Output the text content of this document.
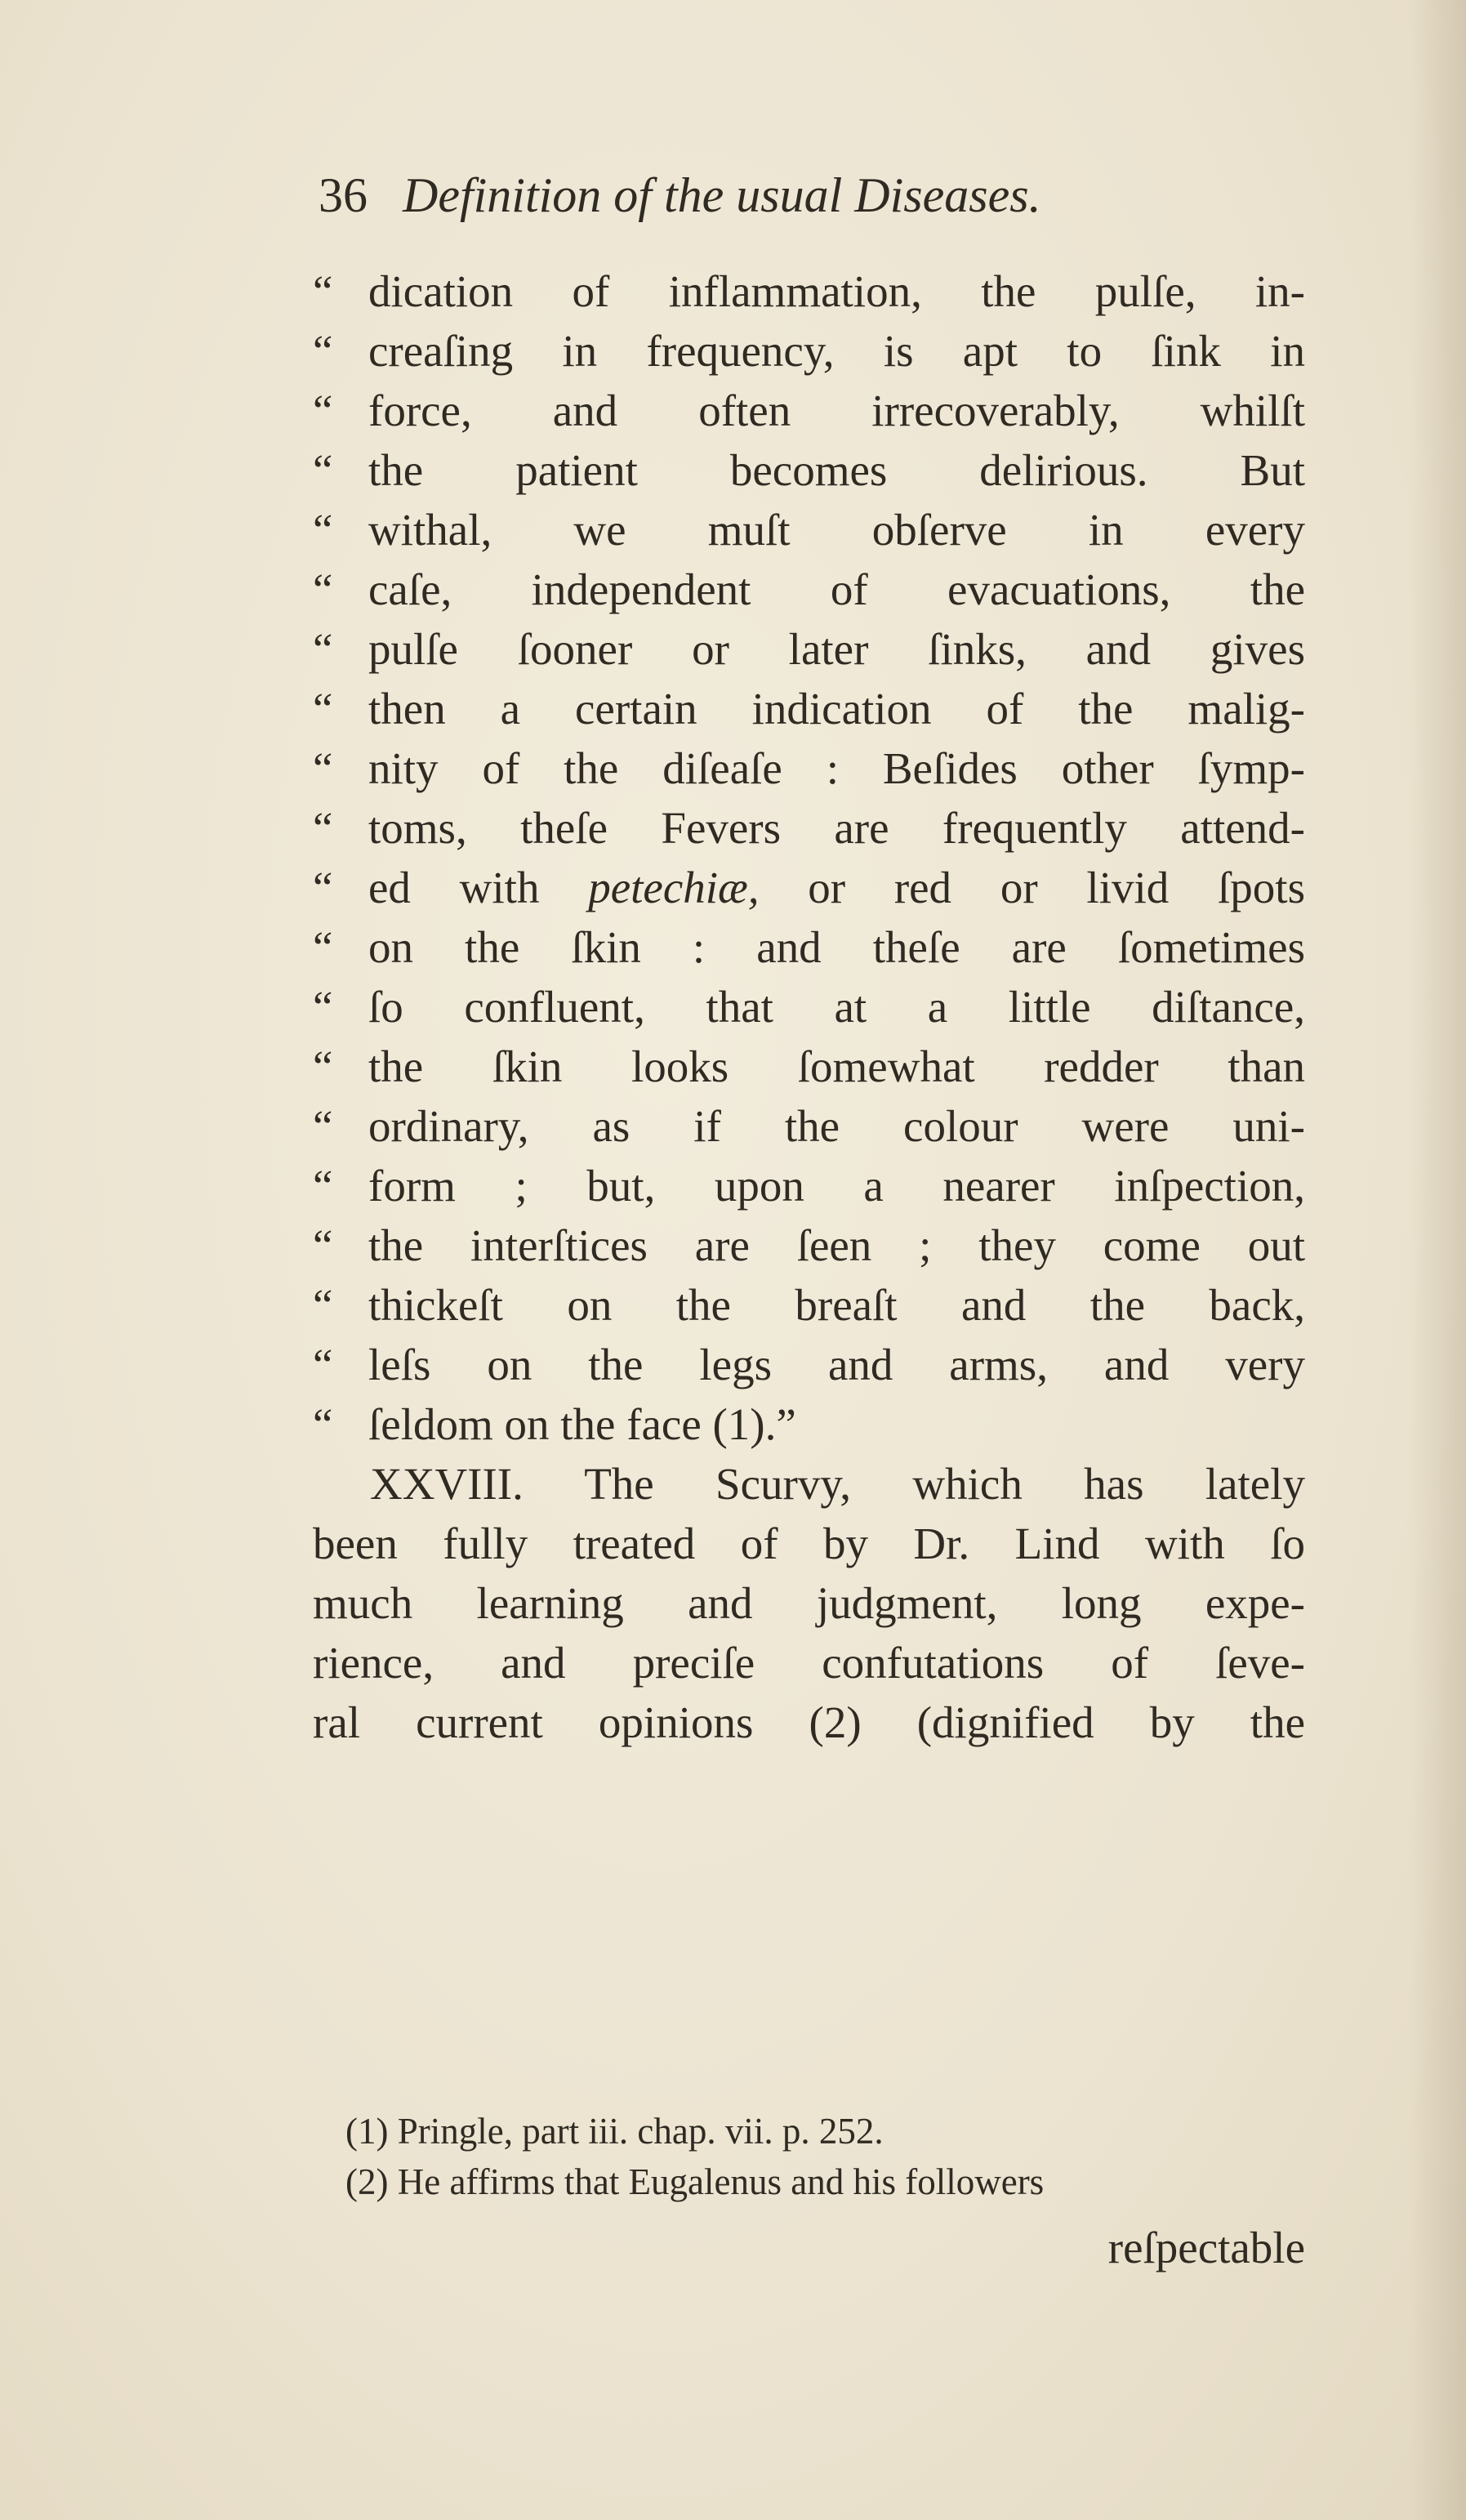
36 Definition of the usual Diseases.
“ dication of inflammation, the pulſe, in-
“ creaſing in frequency, is apt to ſink in
“ force, and often irrecoverably, whilſt
“ the patient becomes delirious. But
“ withal, we muſt obſerve in every
“ caſe, independent of evacuations, the
“ pulſe ſooner or later ſinks, and gives
“ then a certain indication of the malig-
“ nity of the diſeaſe : Beſides other ſymp-
“ toms, theſe Fevers are frequently attend-
“ ed with petechiæ, or red or livid ſpots
“ on the ſkin : and theſe are ſometimes
“ ſo confluent, that at a little diſtance,
“ the ſkin looks ſomewhat redder than
“ ordinary, as if the colour were uni-
“ form ; but, upon a nearer inſpection,
“ the interſtices are ſeen ; they come out
“ thickeſt on the breaſt and the back,
“ leſs on the legs and arms, and very
“ ſeldom on the face (1).”
XXVIII. The Scurvy, which has lately
been fully treated of by Dr. Lind with ſo
much learning and judgment, long expe-
rience, and preciſe confutations of ſeve-
ral current opinions (2) (dignified by the
(1) Pringle, part iii. chap. vii. p. 252.
(2) He affirms that Eugalenus and his followers
reſpectable
